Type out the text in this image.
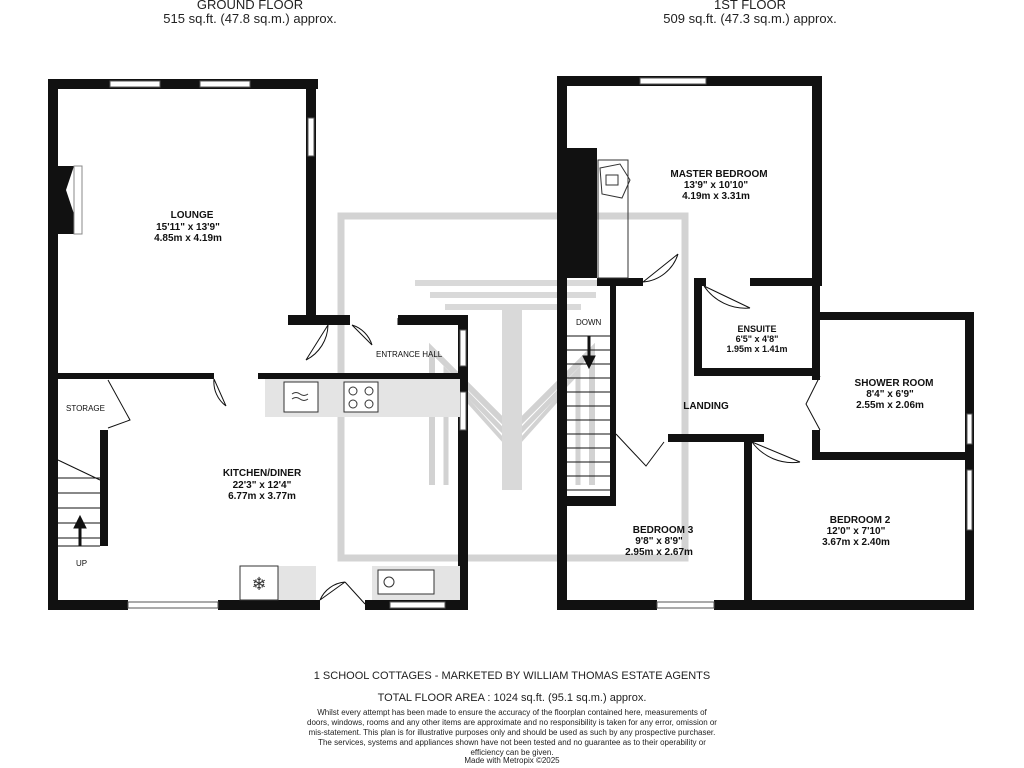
GROUND FLOOR
515 sq.ft. (47.8 sq.m.) approx.
1ST FLOOR
509 sq.ft. (47.3 sq.m.) approx.
❄
LOUNGE
15'11" x 13'9"
4.85m x 4.19m
KITCHEN/DINER
22'3" x 12'4"
6.77m x 3.77m
STORAGE
ENTRANCE HALL
UP
MASTER BEDROOM
13'9" x 10'10"
4.19m x 3.31m
ENSUITE
6'5" x 4'8"
1.95m x 1.41m
SHOWER ROOM
8'4" x 6'9"
2.55m x 2.06m
LANDING
BEDROOM 3
9'8" x 8'9"
2.95m x 2.67m
BEDROOM 2
12'0" x 7'10"
3.67m x 2.40m
DOWN
1 SCHOOL COTTAGES - MARKETED BY WILLIAM THOMAS ESTATE AGENTS
TOTAL FLOOR AREA : 1024 sq.ft. (95.1 sq.m.) approx.
Whilst every attempt has been made to ensure the accuracy of the floorplan contained here, measurements of doors, windows, rooms and any other items are approximate and no responsibility is taken for any error, omission or mis-statement. This plan is for illustrative purposes only and should be used as such by any prospective purchaser. The services, systems and appliances shown have not been tested and no guarantee as to their operability or efficiency can be given.
Made with Metropix ©2025
